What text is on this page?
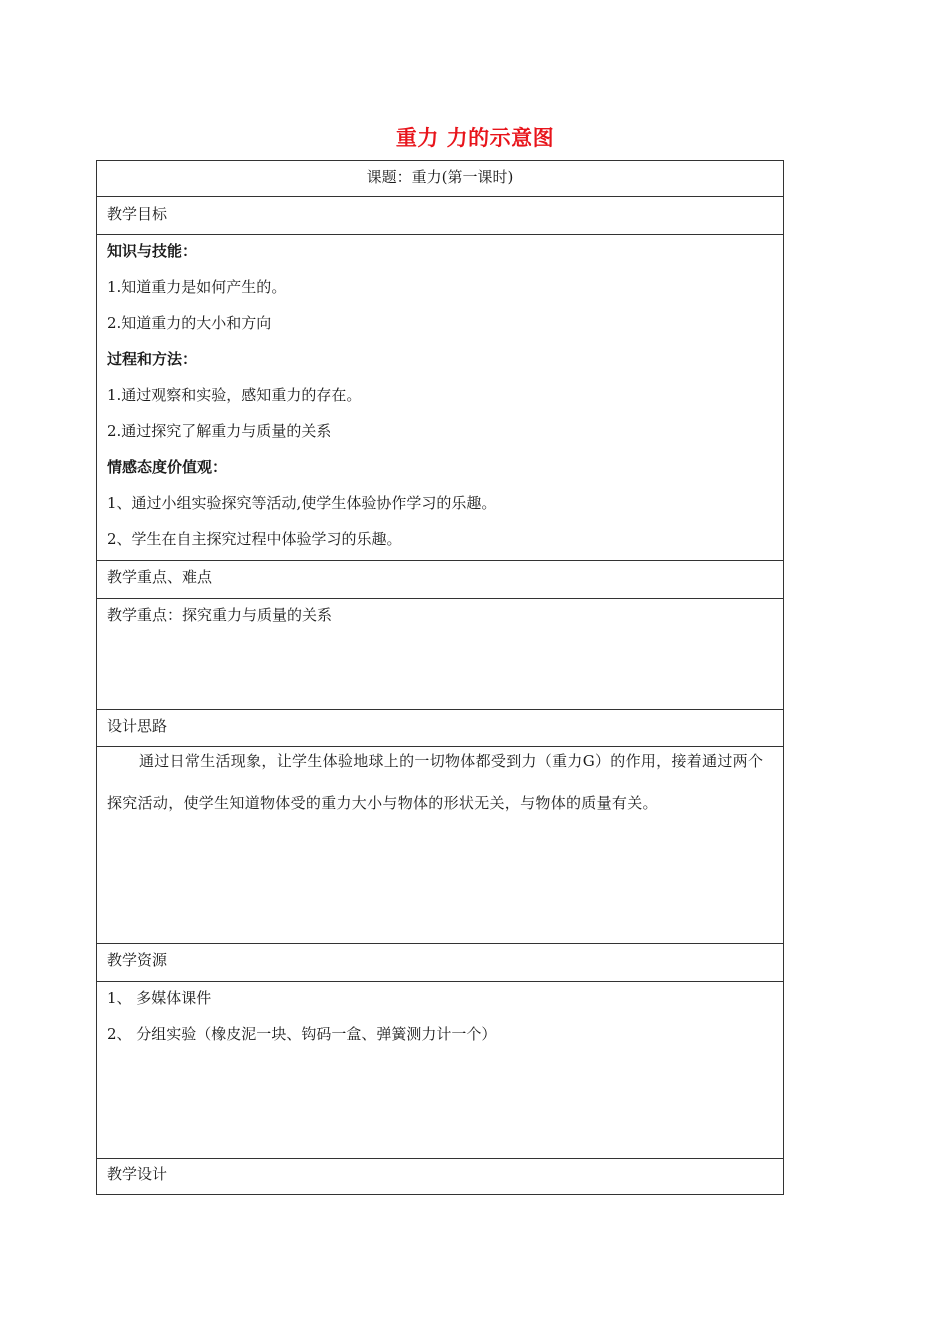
重力 力的示意图
课题：重力(第一课时)
教学目标
知识与技能：
1.知道重力是如何产生的。
2.知道重力的大小和方向
过程和方法：
1.通过观察和实验，感知重力的存在。
2.通过探究了解重力与质量的关系
情感态度价值观：
1、通过小组实验探究等活动,使学生体验协作学习的乐趣。
2、学生在自主探究过程中体验学习的乐趣。
教学重点、难点
教学重点：探究重力与质量的关系
设计思路
通过日常生活现象，让学生体验地球上的一切物体都受到力（重力G）的作用，接着通过两个探究活动，使学生知道物体受的重力大小与物体的形状无关，与物体的质量有关。
教学资源
1、 多媒体课件
2、 分组实验（橡皮泥一块、钩码一盒、弹簧测力计一个）
教学设计
